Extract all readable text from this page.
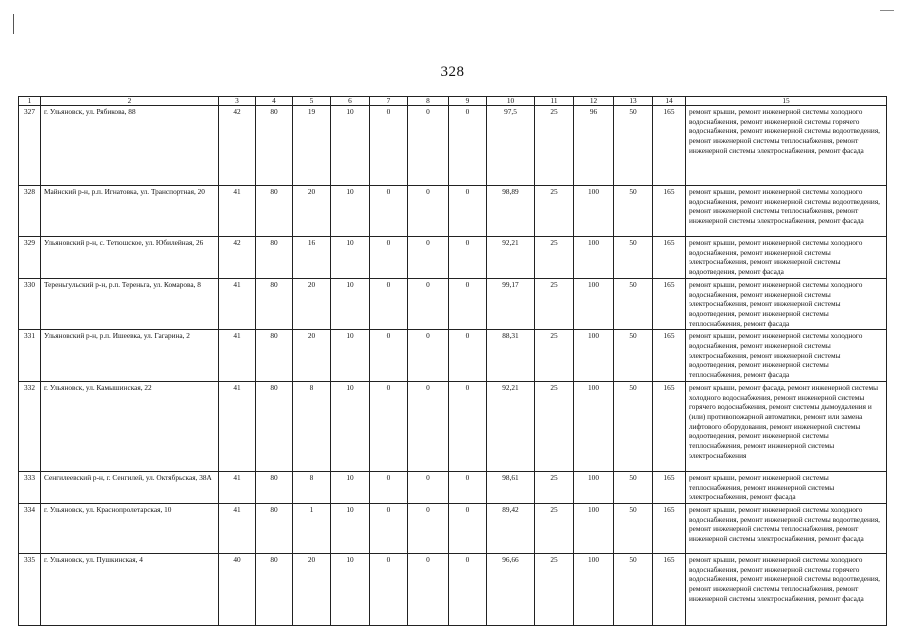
328
1	2	3	4	5	6	7	8	9	10	11	12	13	14	15
327	г. Ульяновск, ул. Рябикова, 88	42	80	19	10	0	0	0	97,5	25	96	50	165	ремонт крыши, ремонт инженерной системы холодного водоснабжения, ремонт инженерной системы горячего водоснабжения, ремонт инженерной системы водоотведения, ремонт инженерной системы теплоснабжения, ремонт инженерной системы электроснабжения, ремонт фасада
328	Майнский р-н, р.п. Игнатовка, ул. Транспортная, 20	41	80	20	10	0	0	0	98,89	25	100	50	165	ремонт крыши, ремонт инженерной системы холодного водоснабжения, ремонт инженерной системы водоотведения, ремонт инженерной системы теплоснабжения, ремонт инженерной системы электроснабжения, ремонт фасада
329	Ульяновский р-н, с. Тетюшское, ул. Юбилейная, 26	42	80	16	10	0	0	0	92,21	25	100	50	165	ремонт крыши, ремонт инженерной системы холодного водоснабжения, ремонт инженерной системы электроснабжения, ремонт инженерной системы водоотведения, ремонт фасада
330	Тереньгульский р-н, р.п. Тереньга, ул. Комарова, 8	41	80	20	10	0	0	0	99,17	25	100	50	165	ремонт крыши, ремонт инженерной системы холодного водоснабжения, ремонт инженерной системы электроснабжения, ремонт инженерной системы водоотведения, ремонт инженерной системы теплоснабжения, ремонт фасада
331	Ульяновский р-н, р.п. Ишеевка, ул. Гагарина, 2	41	80	20	10	0	0	0	88,31	25	100	50	165	ремонт крыши, ремонт инженерной системы холодного водоснабжения, ремонт инженерной системы электроснабжения, ремонт инженерной системы водоотведения, ремонт инженерной системы теплоснабжения, ремонт фасада
332	г. Ульяновск, ул. Камышинская, 22	41	80	8	10	0	0	0	92,21	25	100	50	165	ремонт крыши, ремонт фасада, ремонт инженерной системы холодного водоснабжения, ремонт инженерной системы горячего водоснабжения, ремонт системы дымоудаления и (или) противопожарной автоматики, ремонт или замена лифтового оборудования, ремонт инженерной системы водоотведения, ремонт инженерной системы теплоснабжения, ремонт инженерной системы электроснабжения
333	Сенгилеевский р-н, г. Сенгилей, ул. Октябрьская, 38А	41	80	8	10	0	0	0	98,61	25	100	50	165	ремонт крыши, ремонт инженерной системы теплоснабжения, ремонт инженерной системы электроснабжения, ремонт фасада
334	г. Ульяновск, ул. Краснопролетарская, 10	41	80	1	10	0	0	0	89,42	25	100	50	165	ремонт крыши, ремонт инженерной системы холодного водоснабжения, ремонт инженерной системы водоотведения, ремонт инженерной системы теплоснабжения, ремонт инженерной системы электроснабжения, ремонт фасада
335	г. Ульяновск, ул. Пушкинская, 4	40	80	20	10	0	0	0	96,66	25	100	50	165	ремонт крыши, ремонт инженерной системы холодного водоснабжения, ремонт инженерной системы горячего водоснабжения, ремонт инженерной системы водоотведения, ремонт инженерной системы теплоснабжения, ремонт инженерной системы электроснабжения, ремонт фасада
